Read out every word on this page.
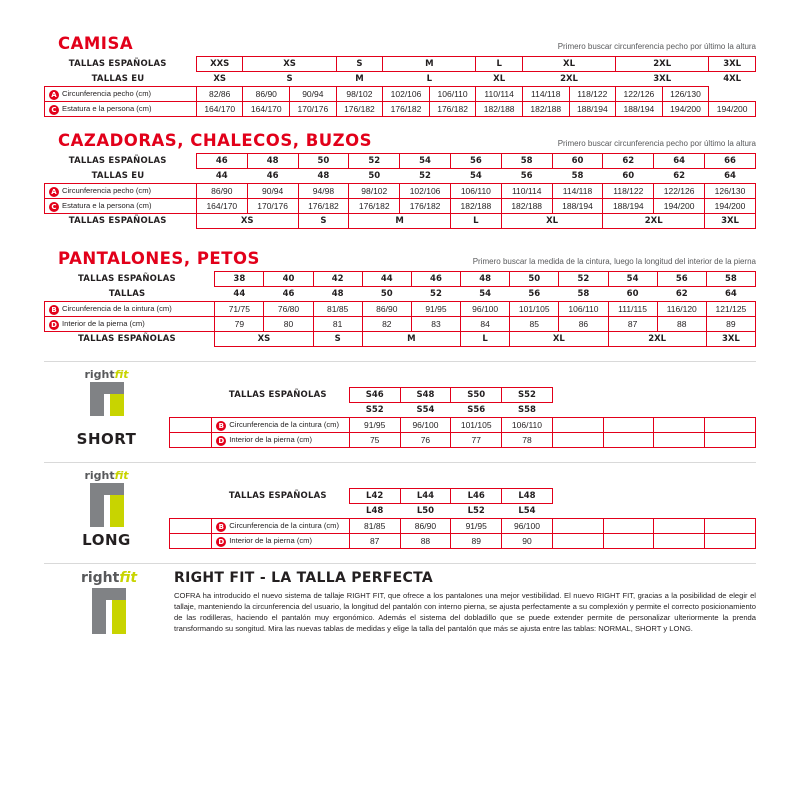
CAMISA	Primero buscar circunferencia pecho por último la altura
TALLAS ESPAÑOLAS	XXS	XS		S	M		L	XL		2XL		3XL
TALLAS EU	XS	S		M	L		XL	2XL		3XL		4XL
A Circunferencia pecho (cm)	82/86	86/90	90/94	98/102	102/106	106/110	110/114	114/118	118/122	122/126	126/130	
C Estatura e la persona (cm)	164/170	164/170	170/176	176/182	176/182	176/182	182/188	182/188	188/194	188/194	194/200	194/200
CAZADORAS, CHALECOS, BUZOS	Primero buscar circunferencia pecho por último la altura
TALLAS ESPAÑOLAS	46	48	50	52	54	56	58	60	62	64	66
TALLAS EU	44	46	48	50	52	54	56	58	60	62	64
A Circunferencia pecho (cm)	86/90	90/94	94/98	98/102	102/106	106/110	110/114	114/118	118/122	122/126	126/130
C Estatura e la persona (cm)	164/170	170/176	176/182	176/182	176/182	182/188	182/188	188/194	188/194	194/200	194/200
TALLAS ESPAÑOLAS	XS		S	M		L	XL		2XL		3XL
PANTALONES, PETOS	Primero buscar la medida de la cintura, luego la longitud del interior de la pierna
TALLAS ESPAÑOLAS	38	40	42	44	46	48	50	52	54	56	58
TALLAS	44	46	48	50	52	54	56	58	60	62	64
B Circunferencia de la cintura (cm)	71/75	76/80	81/85	86/90	91/95	96/100	101/105	106/110	111/115	116/120	121/125
D Interior de la pierna (cm)	79	80	81	82	83	84	85	86	87	88	89
TALLAS ESPAÑOLAS	XS		S	M		L	XL		2XL		3XL
rightfit
SHORT
	TALLAS ESPAÑOLAS	S46	S48	S50	S52				
		S52	S54	S56	S58				
	B Circunferencia de la cintura (cm)	91/95	96/100	101/105	106/110				
	D Interior de la pierna (cm)	75	76	77	78				
rightfit
LONG
	TALLAS ESPAÑOLAS	L42	L44	L46	L48				
		L48	L50	L52	L54				
	B Circunferencia de la cintura (cm)	81/85	86/90	91/95	96/100				
	D Interior de la pierna (cm)	87	88	89	90				
rightfit	RIGHT FIT - LA TALLA PERFECTA
COFRA ha introducido el nuevo sistema de tallaje RIGHT FIT, que ofrece a los pantalones una mejor vestibilidad. El nuevo RIGHT FIT, gracias a la posibilidad de elegir el tallaje, manteniendo la circunferencia del usuario, la longitud del pantalón con interno pierna, se ajusta perfectamente a su complexión y permite el correcto posicionamiento de las rodilleras, haciendo el pantalón muy ergonómico. Además el sistema del dobladillo que se puede extender permite de personalizar ulteriormente la prenda transformando su songitud. Mira las nuevas tablas de medidas y elige la talla del pantalón que más se ajusta entre las tablas: NORMAL, SHORT y LONG.
